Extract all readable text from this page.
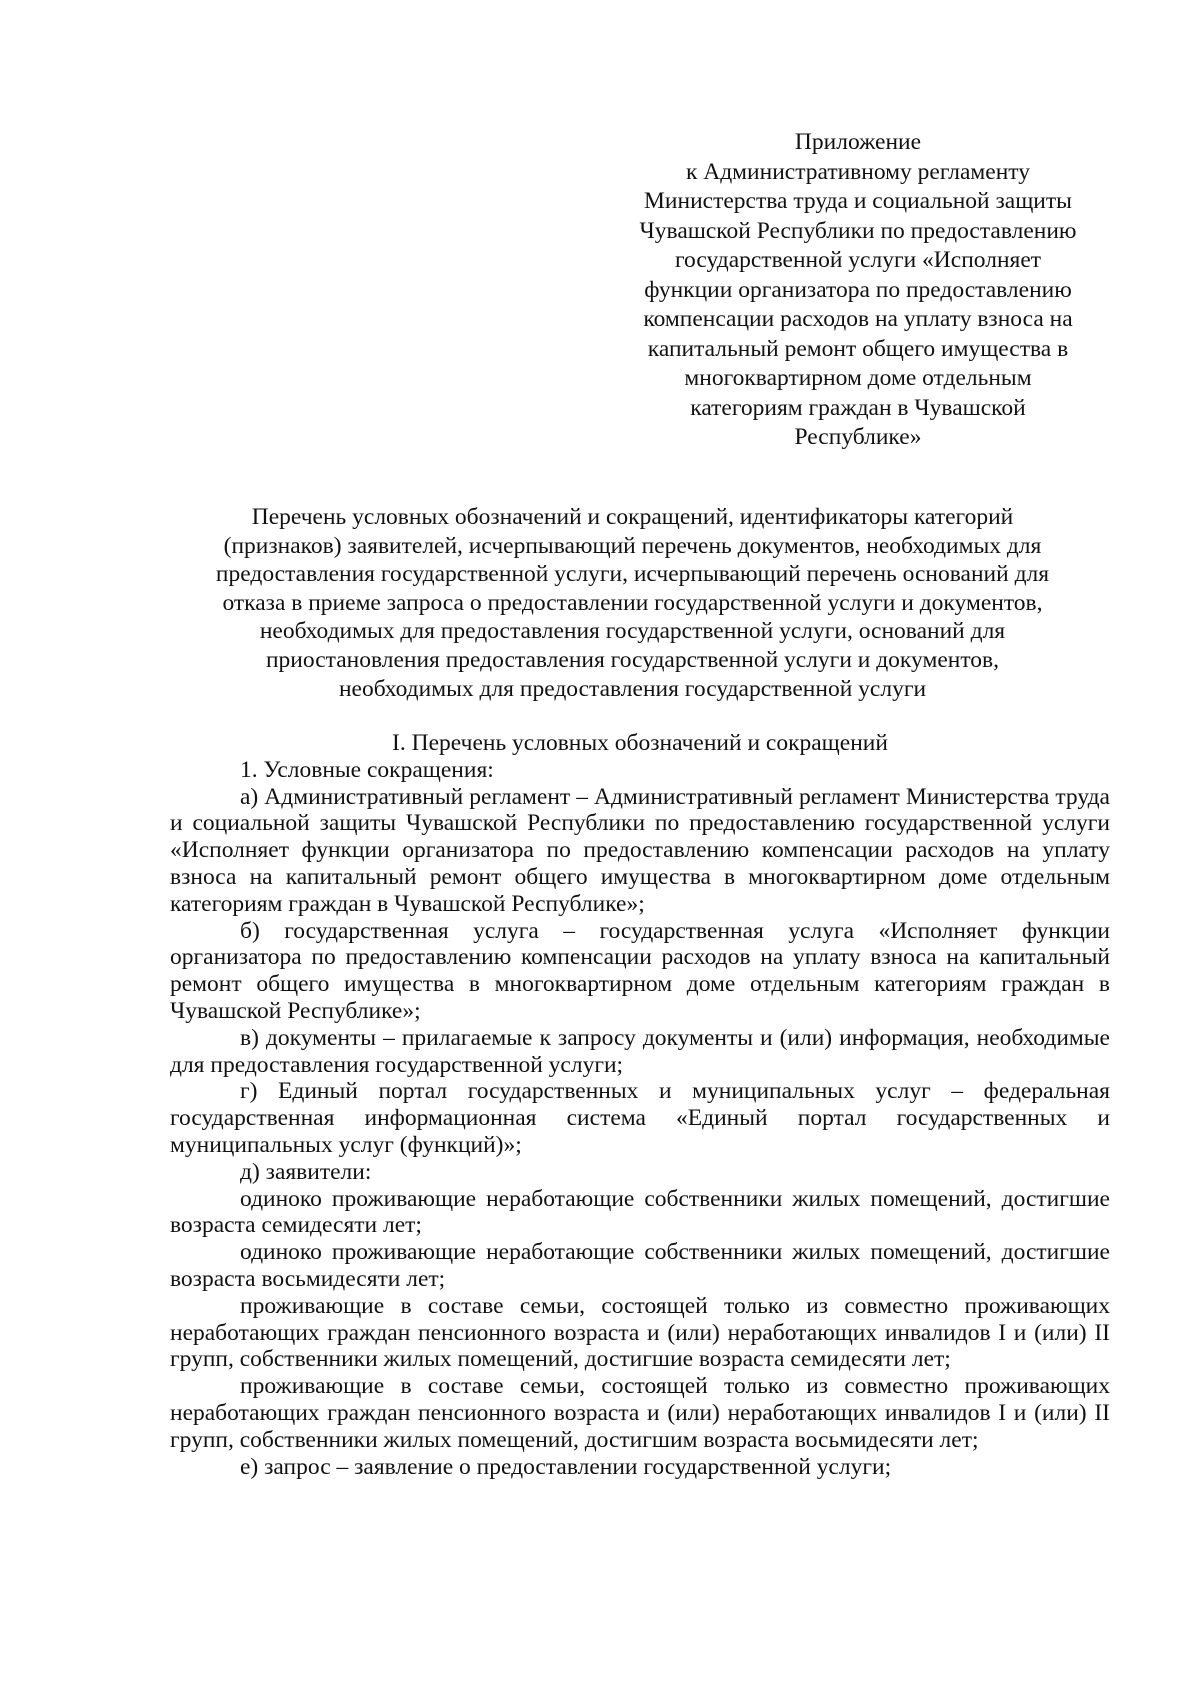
Приложение
к Административному регламенту
Министерства труда и социальной защиты
Чувашской Республики по предоставлению
государственной услуги «Исполняет
функции организатора по предоставлению
компенсации расходов на уплату взноса на
капитальный ремонт общего имущества в
многоквартирном доме отдельным
категориям граждан в Чувашской
Республике»
Перечень условных обозначений и сокращений, идентификаторы категорий
(признаков) заявителей, исчерпывающий перечень документов, необходимых для
предоставления государственной услуги, исчерпывающий перечень оснований для
отказа в приеме запроса о предоставлении государственной услуги и документов,
необходимых для предоставления государственной услуги, оснований для
приостановления предоставления государственной услуги и документов,
необходимых для предоставления государственной услуги
I. Перечень условных обозначений и сокращений

1. Условные сокращения:

а) Административный регламент – Административный регламент Министерства труда и социальной защиты Чувашской Республики по предоставлению государственной услуги «Исполняет функции организатора по предоставлению компенсации расходов на уплату взноса на капитальный ремонт общего имущества в многоквартирном доме отдельным категориям граждан в Чувашской Республике»;

б) государственная услуга – государственная услуга «Исполняет функции организатора по предоставлению компенсации расходов на уплату взноса на капитальный ремонт общего имущества в многоквартирном доме отдельным категориям граждан в Чувашской Республике»;

в) документы – прилагаемые к запросу документы и (или) информация, необходимые для предоставления государственной услуги;

г) Единый портал государственных и муниципальных услуг – федеральная государственная информационная система «Единый портал государственных и муниципальных услуг (функций)»;

д) заявители:

одиноко проживающие неработающие собственники жилых помещений, достигшие возраста семидесяти лет;

одиноко проживающие неработающие собственники жилых помещений, достигшие возраста восьмидесяти лет;

проживающие в составе семьи, состоящей только из совместно проживающих неработающих граждан пенсионного возраста и (или) неработающих инвалидов I и (или) II групп, собственники жилых помещений, достигшие возраста семидесяти лет;

проживающие в составе семьи, состоящей только из совместно проживающих неработающих граждан пенсионного возраста и (или) неработающих инвалидов I и (или) II групп, собственники жилых помещений, достигшим возраста восьмидесяти лет;

е) запрос – заявление о предоставлении государственной услуги;
